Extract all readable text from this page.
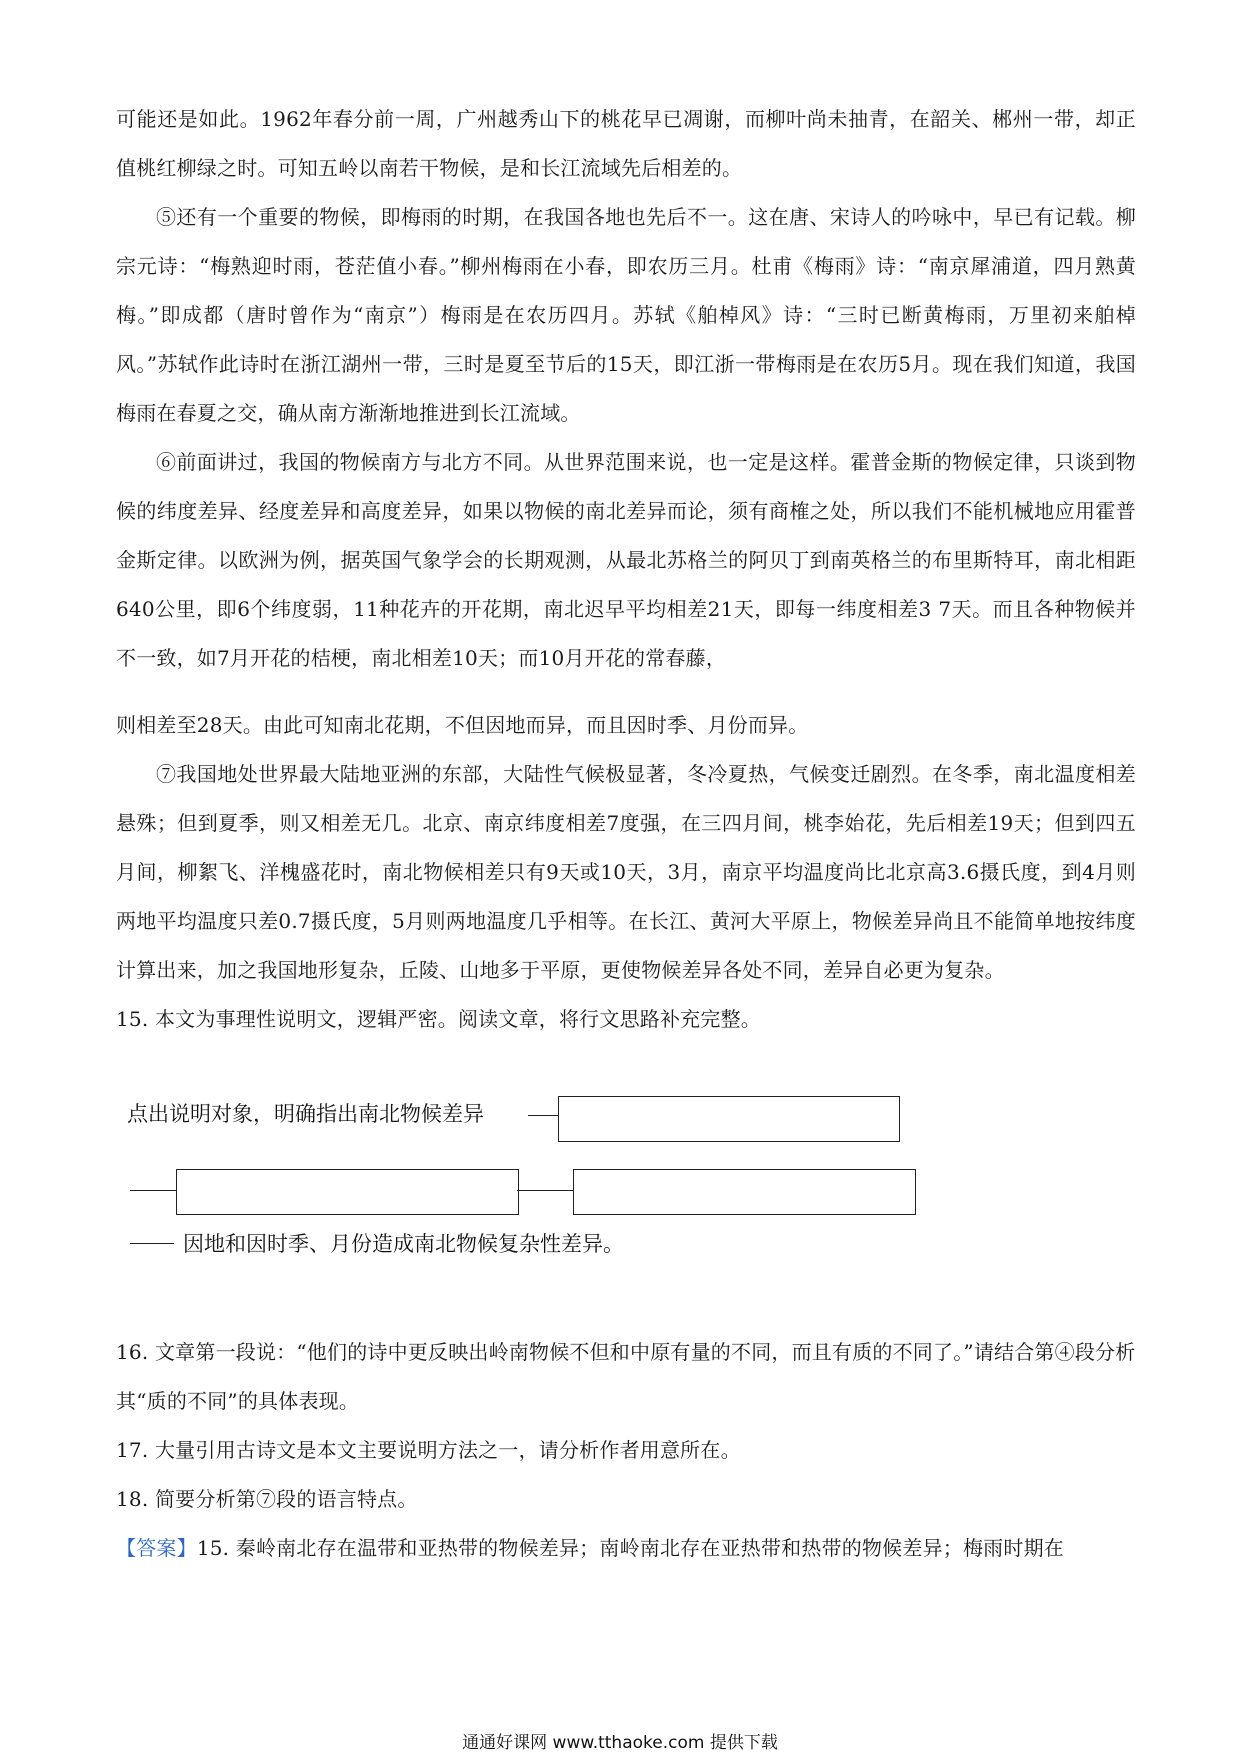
可能还是如此。1962年春分前一周，广州越秀山下的桃花早已凋谢，而柳叶尚未抽青，在韶关、郴州一带，却正值桃红柳绿之时。可知五岭以南若干物候，是和长江流域先后相差的。

⑤还有一个重要的物候，即梅雨的时期，在我国各地也先后不一。这在唐、宋诗人的吟咏中，早已有记载。柳宗元诗：“梅熟迎时雨，苍茫值小春。”柳州梅雨在小春，即农历三月。杜甫《梅雨》诗：“南京犀浦道，四月熟黄梅。”即成都（唐时曾作为“南京”）梅雨是在农历四月。苏轼《舶棹风》诗：“三时已断黄梅雨，万里初来舶棹风。”苏轼作此诗时在浙江湖州一带，三时是夏至节后的15天，即江浙一带梅雨是在农历5月。现在我们知道，我国梅雨在春夏之交，确从南方渐渐地推进到长江流域。

⑥前面讲过，我国的物候南方与北方不同。从世界范围来说，也一定是这样。霍普金斯的物候定律，只谈到物候的纬度差异、经度差异和高度差异，如果以物候的南北差异而论，须有商榷之处，所以我们不能机械地应用霍普金斯定律。以欧洲为例，据英国气象学会的长期观测，从最北苏格兰的阿贝丁到南英格兰的布里斯特耳，南北相距640公里，即6个纬度弱，11种花卉的开花期，南北迟早平均相差21天，即每一纬度相差3 7天。而且各种物候并不一致，如7月开花的桔梗，南北相差10天；而10月开花的常春藤，

则相差至28天。由此可知南北花期，不但因地而异，而且因时季、月份而异。

⑦我国地处世界最大陆地亚洲的东部，大陆性气候极显著，冬冷夏热，气候变迁剧烈。在冬季，南北温度相差悬殊；但到夏季，则又相差无几。北京、南京纬度相差7度强，在三四月间，桃李始花，先后相差19天；但到四五月间，柳絮飞、洋槐盛花时，南北物候相差只有9天或10天，3月，南京平均温度尚比北京高3.6摄氏度，到4月则两地平均温度只差0.7摄氏度，5月则两地温度几乎相等。在长江、黄河大平原上，物候差异尚且不能简单地按纬度计算出来，加之我国地形复杂，丘陵、山地多于平原，更使物候差异各处不同，差异自必更为复杂。

15. 本文为事理性说明文，逻辑严密。阅读文章，将行文思路补充完整。

点出说明对象，明确指出南北物候差异
因地和因时季、月份造成南北物候复杂性差异。

16. 文章第一段说：“他们的诗中更反映出岭南物候不但和中原有量的不同，而且有质的不同了。”请结合第④段分析其“质的不同”的具体表现。

17. 大量引用古诗文是本文主要说明方法之一，请分析作者用意所在。

18. 简要分析第⑦段的语言特点。

【答案】15. 秦岭南北存在温带和亚热带的物候差异；南岭南北存在亚热带和热带的物候差异；梅雨时期在

通通好课网 www.tthaoke.com 提供下载
